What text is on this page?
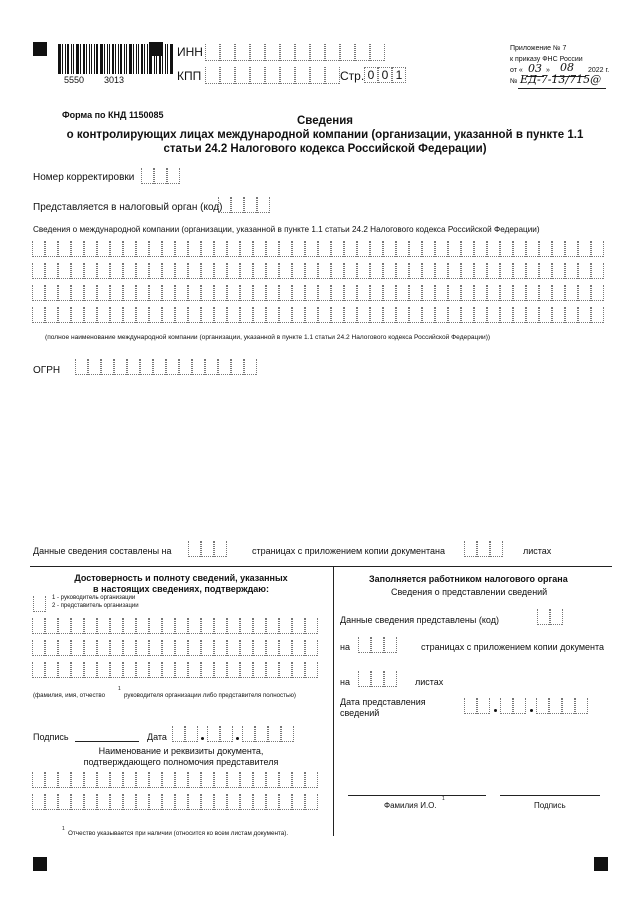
5550 3013
ИНН
КПП	Стр. 0 0 1
Приложение № 7
к приказу ФНС России
от « 03 » 08 2022 г.
№ ЕД-7-13/715@
Форма по КНД 1150085	Сведения
о контролирующих лицах международной компании (организации, указанной в пункте 1.1
статьи 24.2 Налогового кодекса Российской Федерации)
Номер корректировки
Представляется в налоговый орган (код)
Сведения о международной компании (организации, указанной в пункте 1.1 статьи 24.2 Налогового кодекса Российской Федерации)
(полное наименование международной компании (организации, указанной в пункте 1.1 статьи 24.2 Налогового кодекса Российской Федерации))
ОГРН
Данные сведения составлены на	страницах с приложением копии документана	листах
Достоверность и полноту сведений, указанных
в настоящих сведениях, подтверждаю:
1 - руководитель организации
2 - представитель организации
(фамилия, имя, отчество
1
руководителя организации либо представителя полностью)
Подпись	Дата
Наименование и реквизиты документа,
подтверждающего полномочия представителя
Заполняется работником налогового органа
Сведения о представлении сведений
Данные сведения представлены (код)
на	страницах с приложением копии документа
на	листах
Дата представления
сведений
Фамилия И.О.
1
Подпись
1
Отчество указывается при наличии (относится ко всем листам документа).
